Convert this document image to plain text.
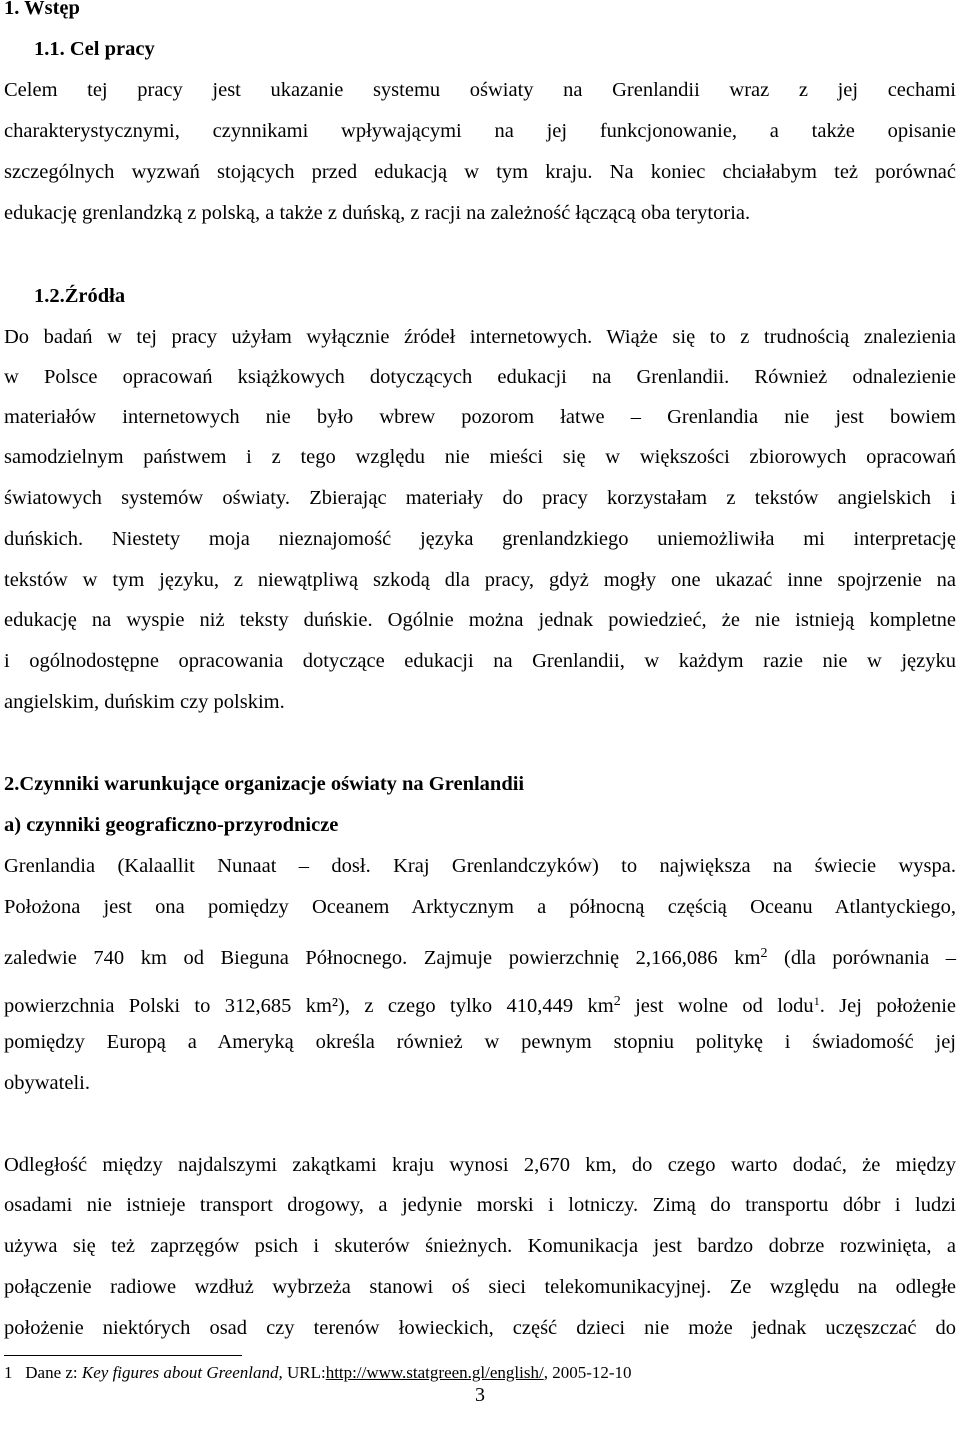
1. Wstęp
1.1. Cel pracy
Celem tej pracy jest ukazanie systemu oświaty na Grenlandii wraz z jej cechami
charakterystycznymi, czynnikami wpływającymi na jej funkcjonowanie, a także opisanie
szczególnych wyzwań stojących przed edukacją w tym kraju. Na koniec chciałabym też porównać
edukację grenlandzką z polską, a także z duńską, z racji na zależność łączącą oba terytoria.
1.2.Źródła
Do badań w tej pracy użyłam wyłącznie źródeł internetowych. Wiąże się to z trudnością znalezienia
w Polsce opracowań książkowych dotyczących edukacji na Grenlandii. Również odnalezienie
materiałów internetowych nie było wbrew pozorom łatwe – Grenlandia nie jest bowiem
samodzielnym państwem i z tego względu nie mieści się w większości zbiorowych opracowań
światowych systemów oświaty. Zbierając materiały do pracy korzystałam z tekstów angielskich i
duńskich. Niestety moja nieznajomość języka grenlandzkiego uniemożliwiła mi interpretację
tekstów w tym języku, z niewątpliwą szkodą dla pracy, gdyż mogły one ukazać inne spojrzenie na
edukację na wyspie niż teksty duńskie. Ogólnie można jednak powiedzieć, że nie istnieją kompletne
i ogólnodostępne opracowania dotyczące edukacji na Grenlandii, w każdym razie nie w języku
angielskim, duńskim czy polskim.
2.Czynniki warunkujące organizacje oświaty na Grenlandii
a) czynniki geograficzno-przyrodnicze
Grenlandia (Kalaallit Nunaat – dosł. Kraj Grenlandczyków) to największa na świecie wyspa.
Położona jest ona pomiędzy Oceanem Arktycznym a północną częścią Oceanu Atlantyckiego,
zaledwie 740 km od Bieguna Północnego. Zajmuje powierzchnię 2,166,086 $km^2$ (dla porównania –
powierzchnia Polski to 312,685 km²), z czego tylko 410,449 $km^2$ jest wolne od lodu$^1$. Jej położenie
pomiędzy Europą a Ameryką określa również w pewnym stopniu politykę i świadomość jej
obywateli.
Odległość między najdalszymi zakątkami kraju wynosi 2,670 km, do czego warto dodać, że między
osadami nie istnieje transport drogowy, a jedynie morski i lotniczy. Zimą do transportu dóbr i ludzi
używa się też zaprzęgów psich i skuterów śnieżnych. Komunikacja jest bardzo dobrze rozwinięta, a
połączenie radiowe wzdłuż wybrzeża stanowi oś sieci telekomunikacyjnej. Ze względu na odległe
położenie niektórych osad czy terenów łowieckich, część dzieci nie może jednak uczęszczać do
1 Dane z: Key figures about Greenland, URL:http://www.statgreen.gl/english/, 2005-12-10
3
